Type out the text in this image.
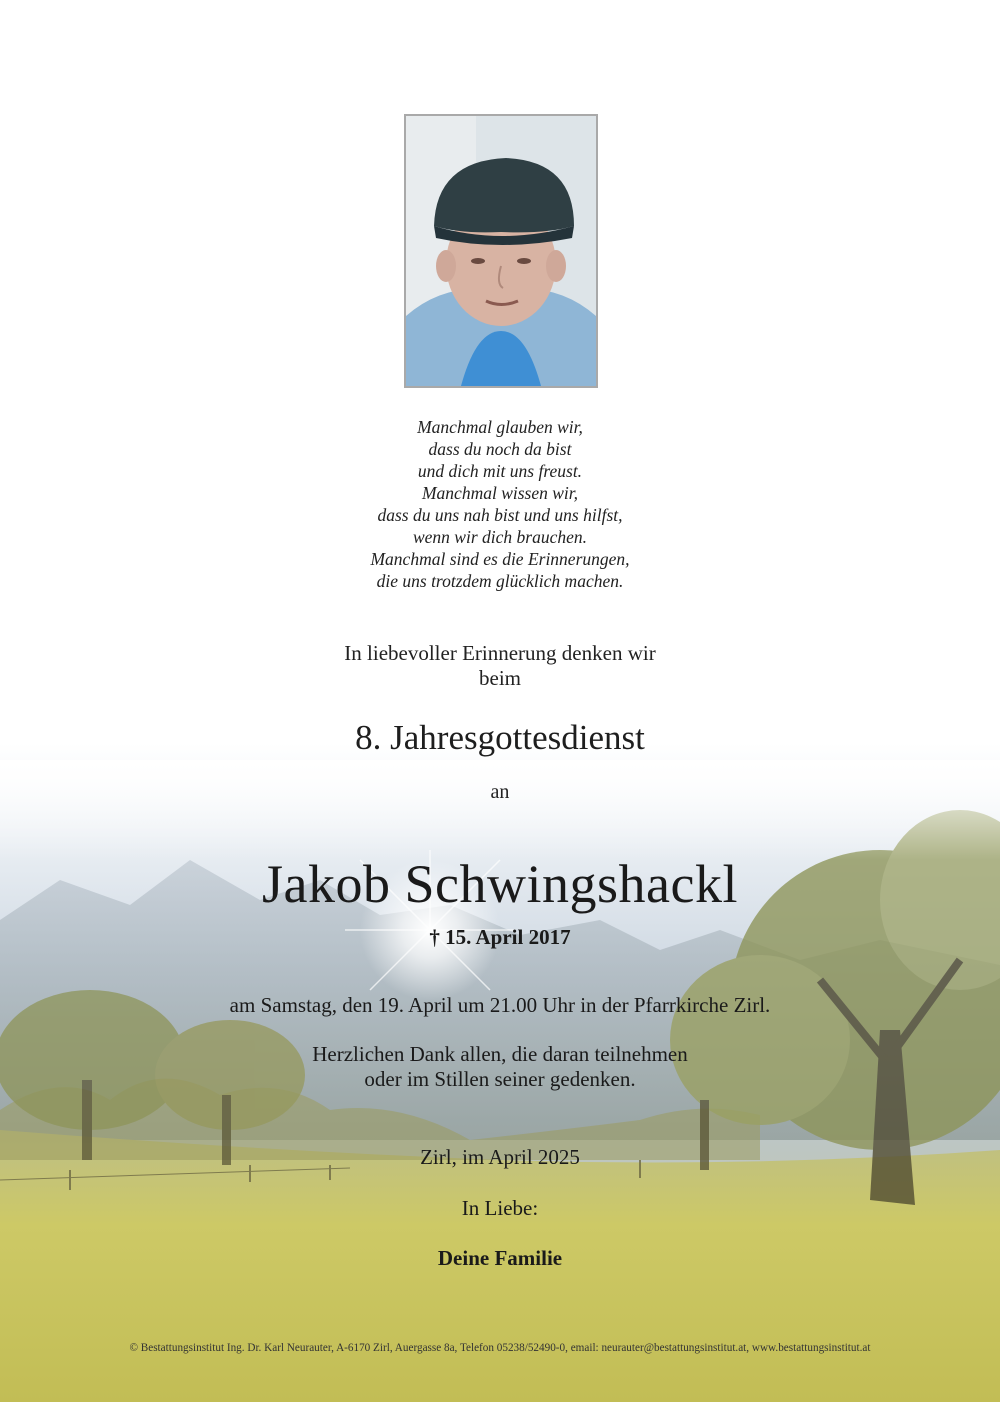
Manchmal glauben wir,
dass du noch da bist
und dich mit uns freust.
Manchmal wissen wir,
dass du uns nah bist und uns hilfst,
wenn wir dich brauchen.
Manchmal sind es die Erinnerungen,
die uns trotzdem glücklich machen.
In liebevoller Erinnerung denken wir
beim
8. Jahresgottesdienst
an
Jakob Schwingshackl
† 15. April 2017
am Samstag, den 19. April um 21.00 Uhr in der Pfarrkirche Zirl.
Herzlichen Dank allen, die daran teilnehmen
oder im Stillen seiner gedenken.
Zirl, im April 2025
In Liebe:
Deine Familie
© Bestattungsinstitut Ing. Dr. Karl Neurauter, A-6170 Zirl, Auergasse 8a, Telefon 05238/52490-0, email: neurauter@bestattungsinstitut.at, www.bestattungsinstitut.at
